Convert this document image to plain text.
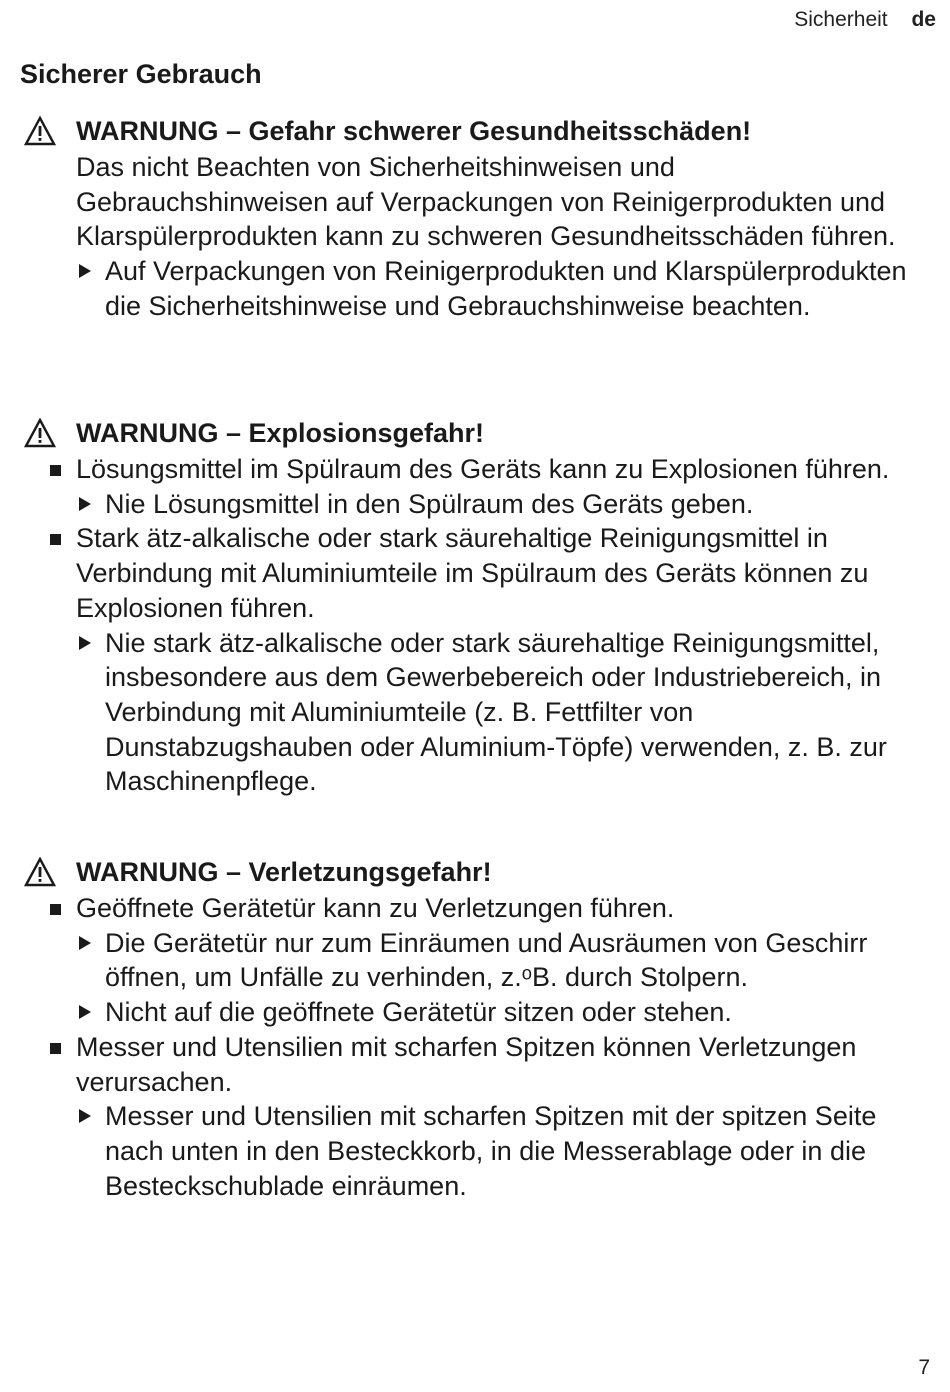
Sicherheit de
Sicherer Gebrauch
WARNUNG – Gefahr schwerer Gesundheitsschäden!

Das nicht Beachten von Sicherheitshinweisen und Gebrauchshinweisen auf Verpackungen von Reinigerprodukten und Klarspülerprodukten kann zu schweren Gesundheitsschäden führen.

Auf Verpackungen von Reinigerprodukten und Klarspülerprodukten die Sicherheitshinweise und Gebrauchshinweise beachten.
WARNUNG – Explosionsgefahr!
Lösungsmittel im Spülraum des Geräts kann zu Explosionen führen.
Nie Lösungsmittel in den Spülraum des Geräts geben.
Stark ätz-alkalische oder stark säurehaltige Reinigungsmittel in Verbindung mit Aluminiumteile im Spülraum des Geräts können zu Explosionen führen.
Nie stark ätz-alkalische oder stark säurehaltige Reinigungsmittel, insbesondere aus dem Gewerbebereich oder Industriebereich, in Verbindung mit Aluminiumteile (z. B. Fettfilter von Dunstabzugshauben oder Aluminium-Töpfe) verwenden, z. B. zur Maschinenpflege.
WARNUNG – Verletzungsgefahr!
Geöffnete Gerätetür kann zu Verletzungen führen.
Die Gerätetür nur zum Einräumen und Ausräumen von Geschirr öffnen, um Unfälle zu verhinden, z.ᵒB. durch Stolpern.
Nicht auf die geöffnete Gerätetür sitzen oder stehen.
Messer und Utensilien mit scharfen Spitzen können Verletzungen verursachen.
Messer und Utensilien mit scharfen Spitzen mit der spitzen Seite nach unten in den Besteckkorb, in die Messerablage oder in die Besteckschublade einräumen.
7
